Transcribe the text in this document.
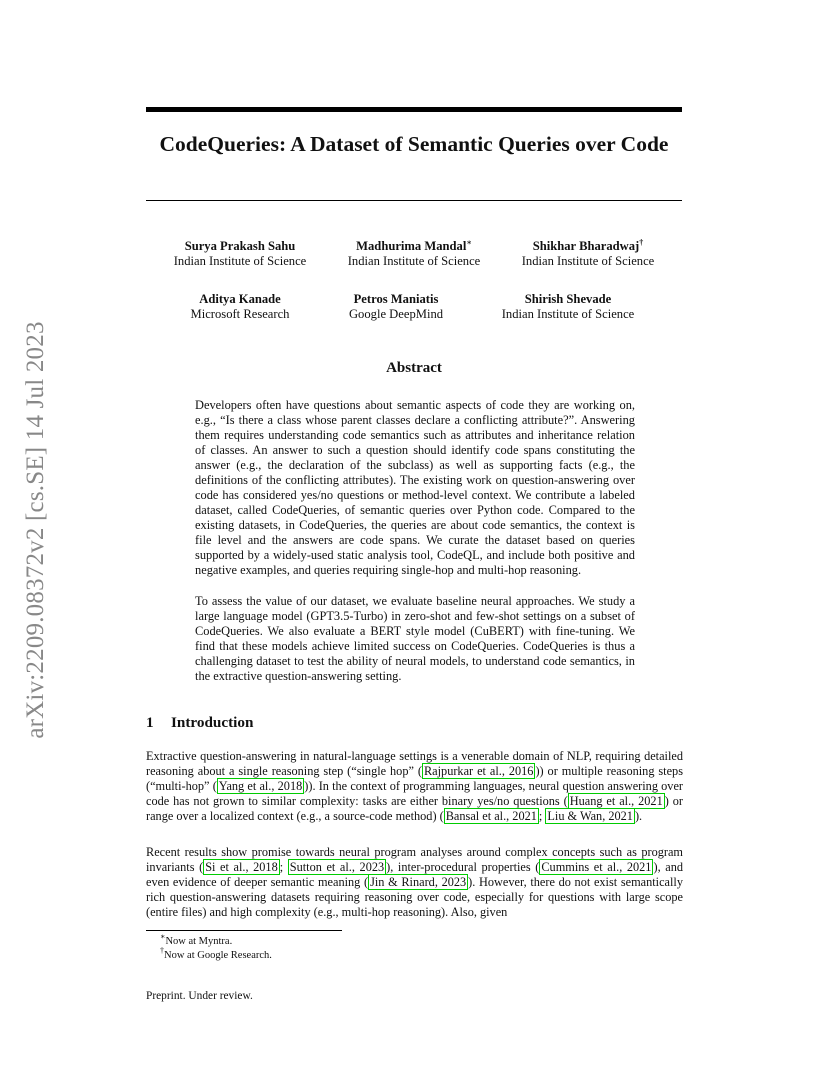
arXiv:2209.08372v2 [cs.SE] 14 Jul 2023
CodeQueries: A Dataset of Semantic Queries over Code
Surya Prakash Sahu
Indian Institute of Science
Madhurima Mandal∗
Indian Institute of Science
Shikhar Bharadwaj†
Indian Institute of Science
Aditya Kanade
Microsoft Research
Petros Maniatis
Google DeepMind
Shirish Shevade
Indian Institute of Science
Abstract

Developers often have questions about semantic aspects of code they are working on, e.g., “Is there a class whose parent classes declare a conflicting attribute?”. Answering them requires understanding code semantics such as attributes and inheritance relation of classes. An answer to such a question should identify code spans constituting the answer (e.g., the declaration of the subclass) as well as supporting facts (e.g., the definitions of the conflicting attributes). The existing work on question-answering over code has considered yes/no questions or method-level context. We contribute a labeled dataset, called CodeQueries, of semantic queries over Python code. Compared to the existing datasets, in CodeQueries, the queries are about code semantics, the context is file level and the answers are code spans. We curate the dataset based on queries supported by a widely-used static analysis tool, CodeQL, and include both positive and negative examples, and queries requiring single-hop and multi-hop reasoning.

To assess the value of our dataset, we evaluate baseline neural approaches. We study a large language model (GPT3.5-Turbo) in zero-shot and few-shot settings on a subset of CodeQueries. We also evaluate a BERT style model (CuBERT) with fine-tuning. We find that these models achieve limited success on CodeQueries. CodeQueries is thus a challenging dataset to test the ability of neural models, to understand code semantics, in the extractive question-answering setting.

1 Introduction

Extractive question-answering in natural-language settings is a venerable domain of NLP, requiring detailed reasoning about a single reasoning step (“single hop” ( Rajpurkar et al., 2016 )) or multiple reasoning steps (“multi-hop” ( Yang et al., 2018 )). In the context of programming languages, neural question answering over code has not grown to similar complexity: tasks are either binary yes/no questions ( Huang et al., 2021 ) or range over a localized context (e.g., a source-code method) ( Bansal et al., 2021 ; Liu & Wan, 2021 ).

Recent results show promise towards neural program analyses around complex concepts such as program invariants ( Si et al., 2018 ; Sutton et al., 2023 ), inter-procedural properties ( Cummins et al., 2021 ), and even evidence of deeper semantic meaning ( Jin & Rinard, 2023 ). However, there do not exist semantically rich question-answering datasets requiring reasoning over code, especially for questions with large scope (entire files) and high complexity (e.g., multi-hop reasoning). Also, given

∗Now at Myntra.
†Now at Google Research.
Preprint. Under review.
